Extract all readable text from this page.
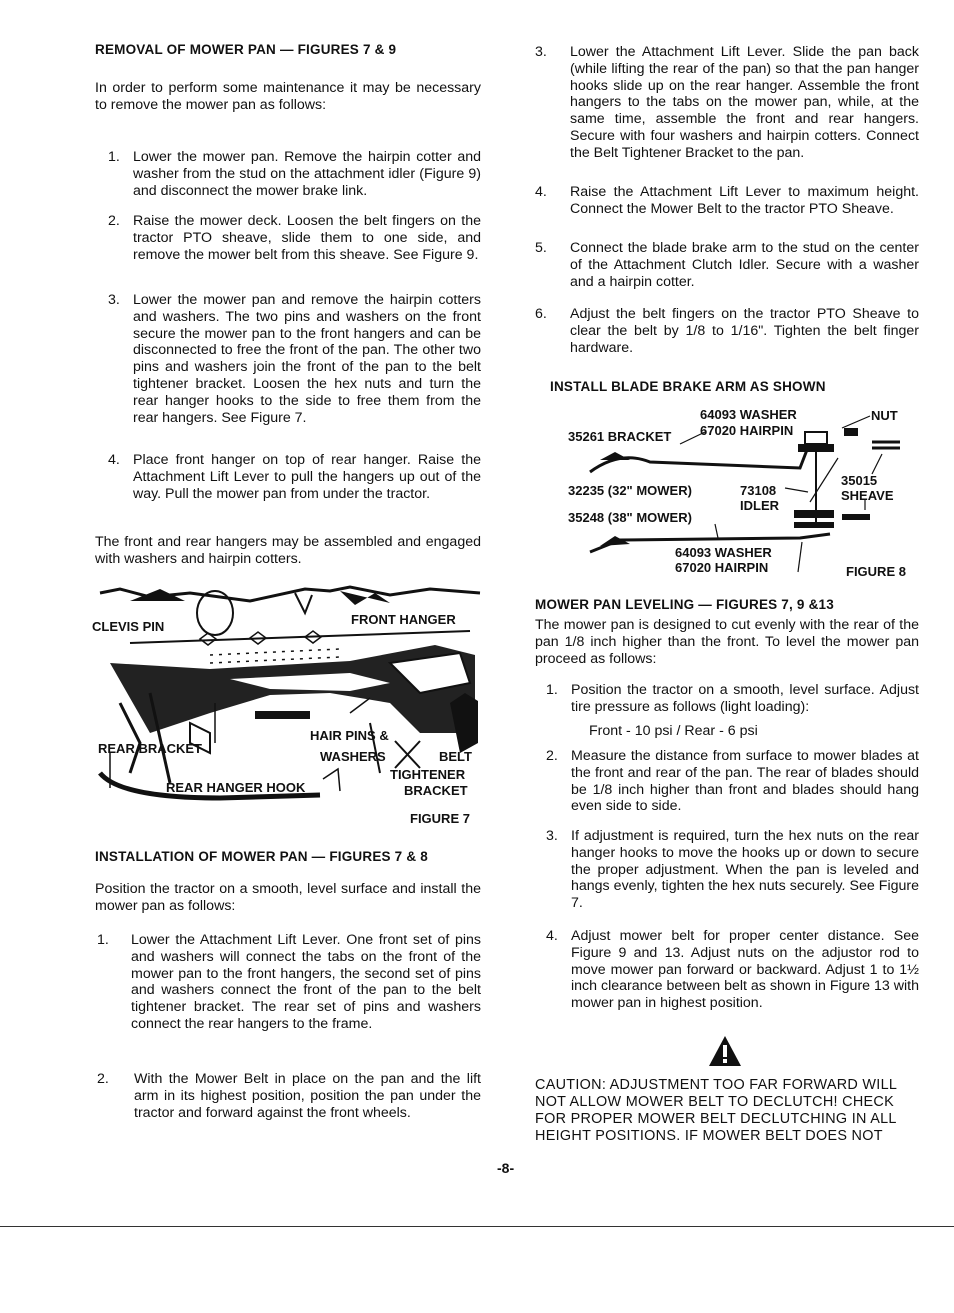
REMOVAL OF MOWER PAN — FIGURES 7 & 9
In order to perform some maintenance it may be necessary to remove the mower pan as follows:
1. Lower the mower pan. Remove the hairpin cotter and washer from the stud on the attachment idler (Figure 9) and disconnect the mower brake link.
2. Raise the mower deck. Loosen the belt fingers on the tractor PTO sheave, slide them to one side, and remove the mower belt from this sheave. See Figure 9.
3. Lower the mower pan and remove the hairpin cotters and washers. The two pins and washers on the front secure the mower pan to the front hangers and can be disconnected to free the front of the pan. The other two pins and washers join the front of the pan to the belt tightener bracket. Loosen the hex nuts and turn the rear hanger hooks to the side to free them from the rear hangers. See Figure 7.
4. Place front hanger on top of rear hanger. Raise the Attachment Lift Lever to pull the hangers up out of the way. Pull the mower pan from under the tractor.
The front and rear hangers may be assembled and engaged with washers and hairpin cotters.
CLEVIS PIN	FRONT HANGER
REAR BRACKET
HAIR PINS &
WASHERS	BELT
TIGHTENER
BRACKET
REAR HANGER HOOK
FIGURE 7
INSTALLATION OF MOWER PAN — FIGURES 7 & 8
Position the tractor on a smooth, level surface and install the mower pan as follows:
1. Lower the Attachment Lift Lever. One front set of pins and washers will connect the tabs on the front of the mower pan to the front hangers, the second set of pins and washers connect the front of the pan to the belt tightener bracket. The rear set of pins and washers connect the rear hangers to the frame.
2. With the Mower Belt in place on the pan and the lift arm in its highest position, position the pan under the tractor and forward against the front wheels.
3. Lower the Attachment Lift Lever. Slide the pan back (while lifting the rear of the pan) so that the pan hanger hooks slide up on the rear hanger. Assemble the front hangers to the tabs on the mower pan, while, at the same time, assemble the front and rear hangers. Secure with four washers and hairpin cotters. Connect the Belt Tightener Bracket to the pan.
4. Raise the Attachment Lift Lever to maximum height. Connect the Mower Belt to the tractor PTO Sheave.
5. Connect the blade brake arm to the stud on the center of the Attachment Clutch Idler. Secure with a washer and a hairpin cotter.
6. Adjust the belt fingers on the tractor PTO Sheave to clear the belt by 1/8 to 1/16". Tighten the belt finger hardware.
INSTALL BLADE BRAKE ARM AS SHOWN
64093 WASHER
67020 HAIRPIN
NUT
35261 BRACKET
32235 (32" MOWER)	73108
IDLER
35015
SHEAVE
35248 (38" MOWER)
64093 WASHER
67020 HAIRPIN	FIGURE 8
MOWER PAN LEVELING — FIGURES 7, 9 &13
The mower pan is designed to cut evenly with the rear of the pan 1/8 inch higher than the front. To level the mower pan proceed as follows:
1. Position the tractor on a smooth, level surface. Adjust tire pressure as follows (light loading):
Front - 10 psi / Rear - 6 psi
2. Measure the distance from surface to mower blades at the front and rear of the pan. The rear of blades should be 1/8 inch higher than front and blades should hang even side to side.
3. If adjustment is required, turn the hex nuts on the rear hanger hooks to move the hooks up or down to secure the proper adjustment. When the pan is leveled and hangs evenly, tighten the hex nuts securely. See Figure 7.
4. Adjust mower belt for proper center distance. See Figure 9 and 13. Adjust nuts on the adjustor rod to move mower pan forward or backward. Adjust 1 to 1½ inch clearance between belt as shown in Figure 13 with mower pan in highest position.
CAUTION: ADJUSTMENT TOO FAR FORWARD WILL NOT ALLOW MOWER BELT TO DECLUTCH! CHECK FOR PROPER MOWER BELT DECLUTCHING IN ALL HEIGHT POSITIONS. IF MOWER BELT DOES NOT
-8-
